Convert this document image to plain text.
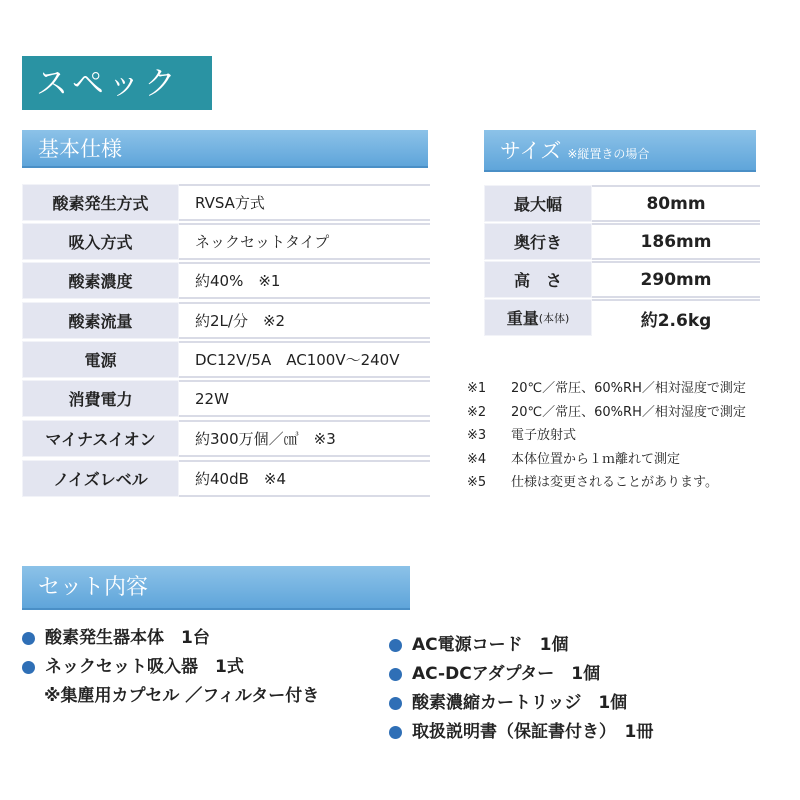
スペック
基本仕様
酸素発生方式	RVSA方式
吸入方式	ネックセットタイプ
酸素濃度	約40%　※1
酸素流量	約2L/分　※2
電源	DC12V/5A　AC100V〜240V
消費電力	22W
マイナスイオン	約300万個／㎤　※3
ノイズレベル	約40dB　※4
サイズ ※縦置きの場合
最大幅	80mm
奥行き	186mm
高　さ	290mm
重量 (本体)	約2.6kg
※1 20℃／常圧、60%RH／相対湿度で測定
※2 20℃／常圧、60%RH／相対湿度で測定
※3 電子放射式
※4 本体位置から１ｍ離れて測定
※5 仕様は変更されることがあります。
セット内容
酸素発生器本体　1台
ネックセット吸入器　1式
※集塵用カプセル ／フィルター付き
AC電源コード　1個
AC-DCアダプター　1個
酸素濃縮カートリッジ　1個
取扱説明書（保証書付き）　1冊
